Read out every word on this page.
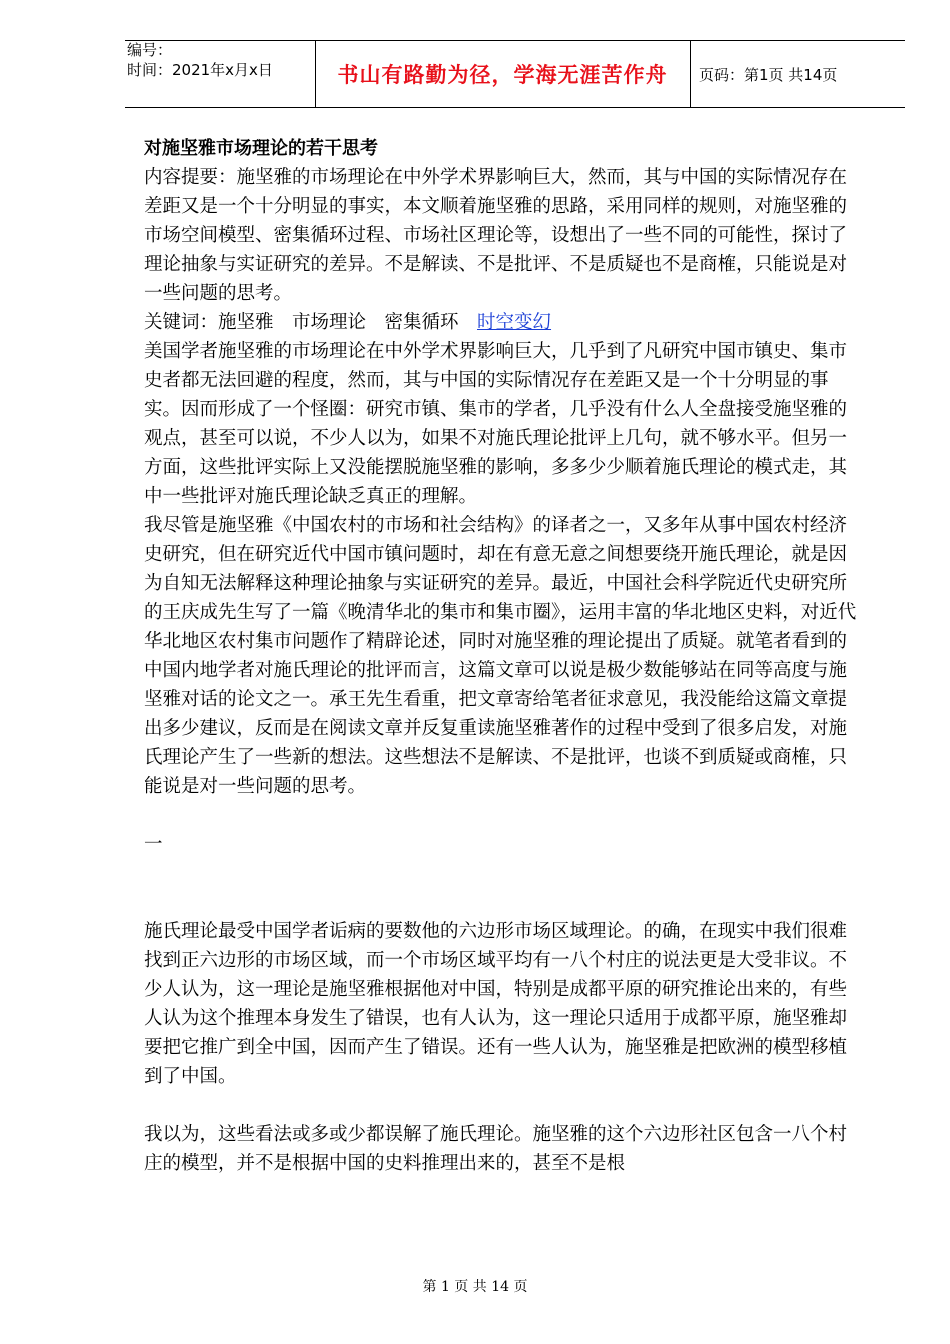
编号：
时间：2021年x月x日	书山有路勤为径，学海无涯苦作舟	页码：第1页 共14页

对施坚雅市场理论的若干思考

内容提要：施坚雅的市场理论在中外学术界影响巨大，然而，其与中国的实际情况存在差距又是一个十分明显的事实，本文顺着施坚雅的思路，采用同样的规则，对施坚雅的市场空间模型、密集循环过程、市场社区理论等，设想出了一些不同的可能性，探讨了理论抽象与实证研究的差异。不是解读、不是批评、不是质疑也不是商榷，只能说是对一些问题的思考。

关键词：施坚雅　市场理论　密集循环　时空变幻

美国学者施坚雅的市场理论在中外学术界影响巨大，几乎到了凡研究中国市镇史、集市史者都无法回避的程度，然而，其与中国的实际情况存在差距又是一个十分明显的事实。因而形成了一个怪圈：研究市镇、集市的学者，几乎没有什么人全盘接受施坚雅的观点，甚至可以说，不少人以为，如果不对施氏理论批评上几句，就不够水平。但另一方面，这些批评实际上又没能摆脱施坚雅的影响，多多少少顺着施氏理论的模式走，其中一些批评对施氏理论缺乏真正的理解。

我尽管是施坚雅《中国农村的市场和社会结构》的译者之一，又多年从事中国农村经济史研究，但在研究近代中国市镇问题时，却在有意无意之间想要绕开施氏理论，就是因为自知无法解释这种理论抽象与实证研究的差异。最近，中国社会科学院近代史研究所的王庆成先生写了一篇《晚清华北的集市和集市圈》，运用丰富的华北地区史料，对近代华北地区农村集市问题作了精辟论述，同时对施坚雅的理论提出了质疑。就笔者看到的中国内地学者对施氏理论的批评而言，这篇文章可以说是极少数能够站在同等高度与施坚雅对话的论文之一。承王先生看重，把文章寄给笔者征求意见，我没能给这篇文章提出多少建议，反而是在阅读文章并反复重读施坚雅著作的过程中受到了很多启发，对施氏理论产生了一些新的想法。这些想法不是解读、不是批评，也谈不到质疑或商榷，只能说是对一些问题的思考。

一

施氏理论最受中国学者诟病的要数他的六边形市场区域理论。的确，在现实中我们很难找到正六边形的市场区域，而一个市场区域平均有一八个村庄的说法更是大受非议。不少人认为，这一理论是施坚雅根据他对中国，特别是成都平原的研究推论出来的，有些人认为这个推理本身发生了错误，也有人认为，这一理论只适用于成都平原，施坚雅却要把它推广到全中国，因而产生了错误。还有一些人认为，施坚雅是把欧洲的模型移植到了中国。

我以为，这些看法或多或少都误解了施氏理论。施坚雅的这个六边形社区包含一八个村庄的模型，并不是根据中国的史料推理出来的，甚至不是根

第 1 页 共 14 页
